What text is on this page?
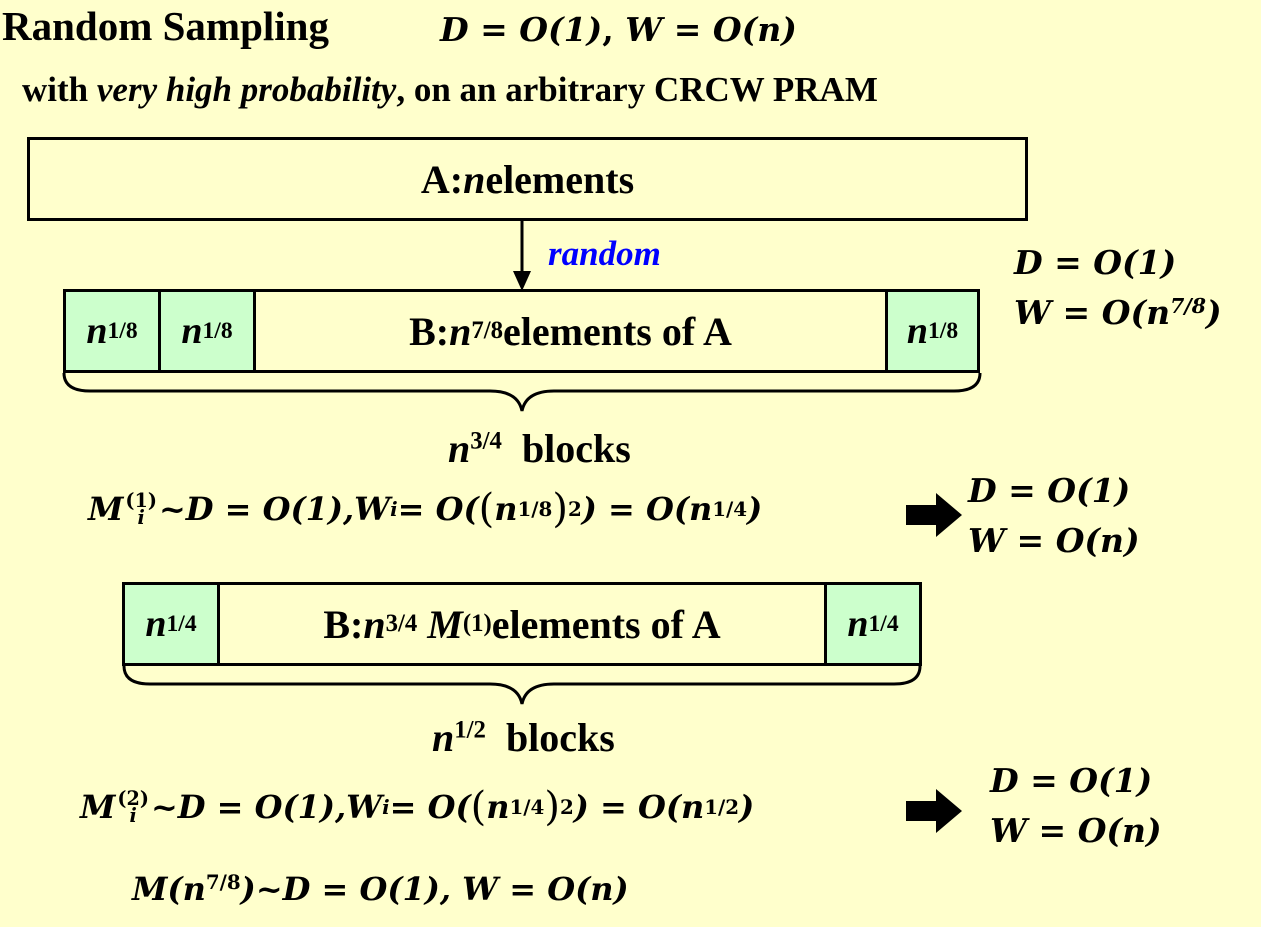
Random Sampling	D = O(1), W = O(n)
with very high probability, on an arbitrary CRCW PRAM
A: n elements
random	D = O(1)
$W = O(n^{7/8})$
n 1/8 n 1/8	B: n 7/8 elements of A	n 1/8
$n^{3/4}$ blocks
M (1)
i ~ D = O(1), W i = O( ( n 1/8 ) 2 ) = O( n 1/4 )	D = O(1)
W = O(n)
n 1/4	B: n 3/4
M (1) elements of A	n 1/4
$n^{1/2}$ blocks
M (2)
i ~ D = O(1), W i = O( ( n 1/4 ) 2 ) = O( n 1/2 )
D = O(1)
W = O(n)
$M(n^{7/8})\sim D = O(1)$, W = O(n)
